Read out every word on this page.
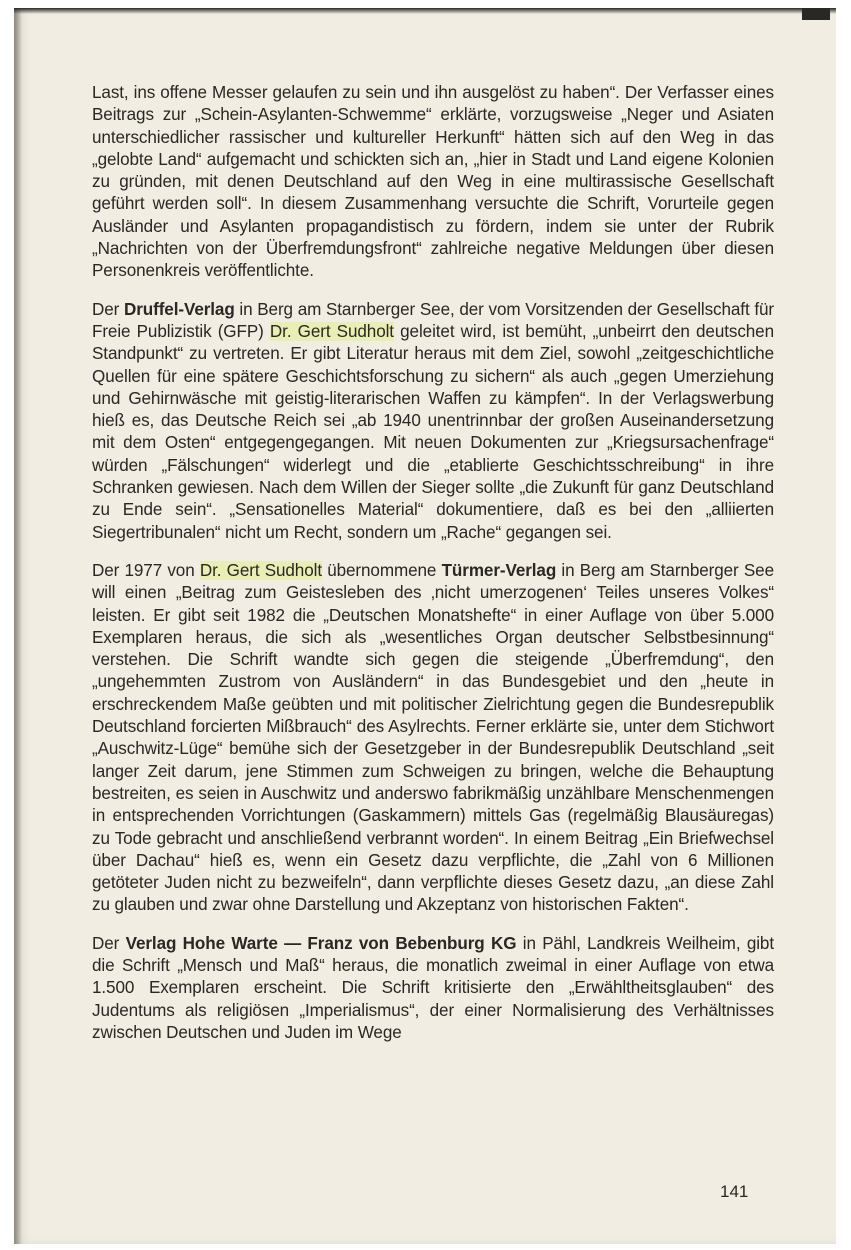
Last, ins offene Messer gelaufen zu sein und ihn ausgelöst zu haben“. Der Verfasser eines Beitrags zur „Schein-Asylanten-Schwemme“ erklärte, vorzugsweise „Neger und Asiaten unterschiedlicher rassischer und kultureller Herkunft“ hätten sich auf den Weg in das „gelobte Land“ aufgemacht und schickten sich an, „hier in Stadt und Land eigene Kolonien zu gründen, mit denen Deutschland auf den Weg in eine multirassische Gesellschaft geführt werden soll“. In diesem Zusammenhang versuchte die Schrift, Vorurteile gegen Ausländer und Asylanten propagandistisch zu fördern, indem sie unter der Rubrik „Nachrichten von der Überfremdungsfront“ zahlreiche negative Meldungen über diesen Personenkreis veröffentlichte.

Der Druffel-Verlag in Berg am Starnberger See, der vom Vorsitzenden der Gesellschaft für Freie Publizistik (GFP) Dr. Gert Sudholt geleitet wird, ist bemüht, „unbeirrt den deutschen Standpunkt“ zu vertreten. Er gibt Literatur heraus mit dem Ziel, sowohl „zeitgeschichtliche Quellen für eine spätere Geschichtsforschung zu sichern“ als auch „gegen Umerziehung und Gehirnwäsche mit geistig-literarischen Waffen zu kämpfen“. In der Verlagswerbung hieß es, das Deutsche Reich sei „ab 1940 unentrinnbar der großen Auseinandersetzung mit dem Osten“ entgegengegangen. Mit neuen Dokumenten zur „Kriegsursachenfrage“ würden „Fälschungen“ widerlegt und die „etablierte Geschichtsschreibung“ in ihre Schranken gewiesen. Nach dem Willen der Sieger sollte „die Zukunft für ganz Deutschland zu Ende sein“. „Sensationelles Material“ dokumentiere, daß es bei den „alliierten Siegertribunalen“ nicht um Recht, sondern um „Rache“ gegangen sei.

Der 1977 von Dr. Gert Sudholt übernommene Türmer-Verlag in Berg am Starnberger See will einen „Beitrag zum Geistesleben des ‚nicht umerzogenen‘ Teiles unseres Volkes“ leisten. Er gibt seit 1982 die „Deutschen Monatshefte“ in einer Auflage von über 5.000 Exemplaren heraus, die sich als „wesentliches Organ deutscher Selbstbesinnung“ verstehen. Die Schrift wandte sich gegen die steigende „Überfremdung“, den „ungehemmten Zustrom von Ausländern“ in das Bundesgebiet und den „heute in erschreckendem Maße geübten und mit politischer Zielrichtung gegen die Bundesrepublik Deutschland forcierten Mißbrauch“ des Asylrechts. Ferner erklärte sie, unter dem Stichwort „Auschwitz-Lüge“ bemühe sich der Gesetzgeber in der Bundesrepublik Deutschland „seit langer Zeit darum, jene Stimmen zum Schweigen zu bringen, welche die Behauptung bestreiten, es seien in Auschwitz und anderswo fabrikmäßig unzählbare Menschenmengen in entsprechenden Vorrichtungen (Gaskammern) mittels Gas (regelmäßig Blausäuregas) zu Tode gebracht und anschließend verbrannt worden“. In einem Beitrag „Ein Briefwechsel über Dachau“ hieß es, wenn ein Gesetz dazu verpflichte, die „Zahl von 6 Millionen getöteter Juden nicht zu bezweifeln“, dann verpflichte dieses Gesetz dazu, „an diese Zahl zu glauben und zwar ohne Darstellung und Akzeptanz von historischen Fakten“.

Der Verlag Hohe Warte — Franz von Bebenburg KG in Pähl, Landkreis Weilheim, gibt die Schrift „Mensch und Maß“ heraus, die monatlich zweimal in einer Auflage von etwa 1.500 Exemplaren erscheint. Die Schrift kritisierte den „Erwähltheitsglauben“ des Judentums als religiösen „Imperialismus“, der einer Normalisierung des Verhältnisses zwischen Deutschen und Juden im Wege

141
